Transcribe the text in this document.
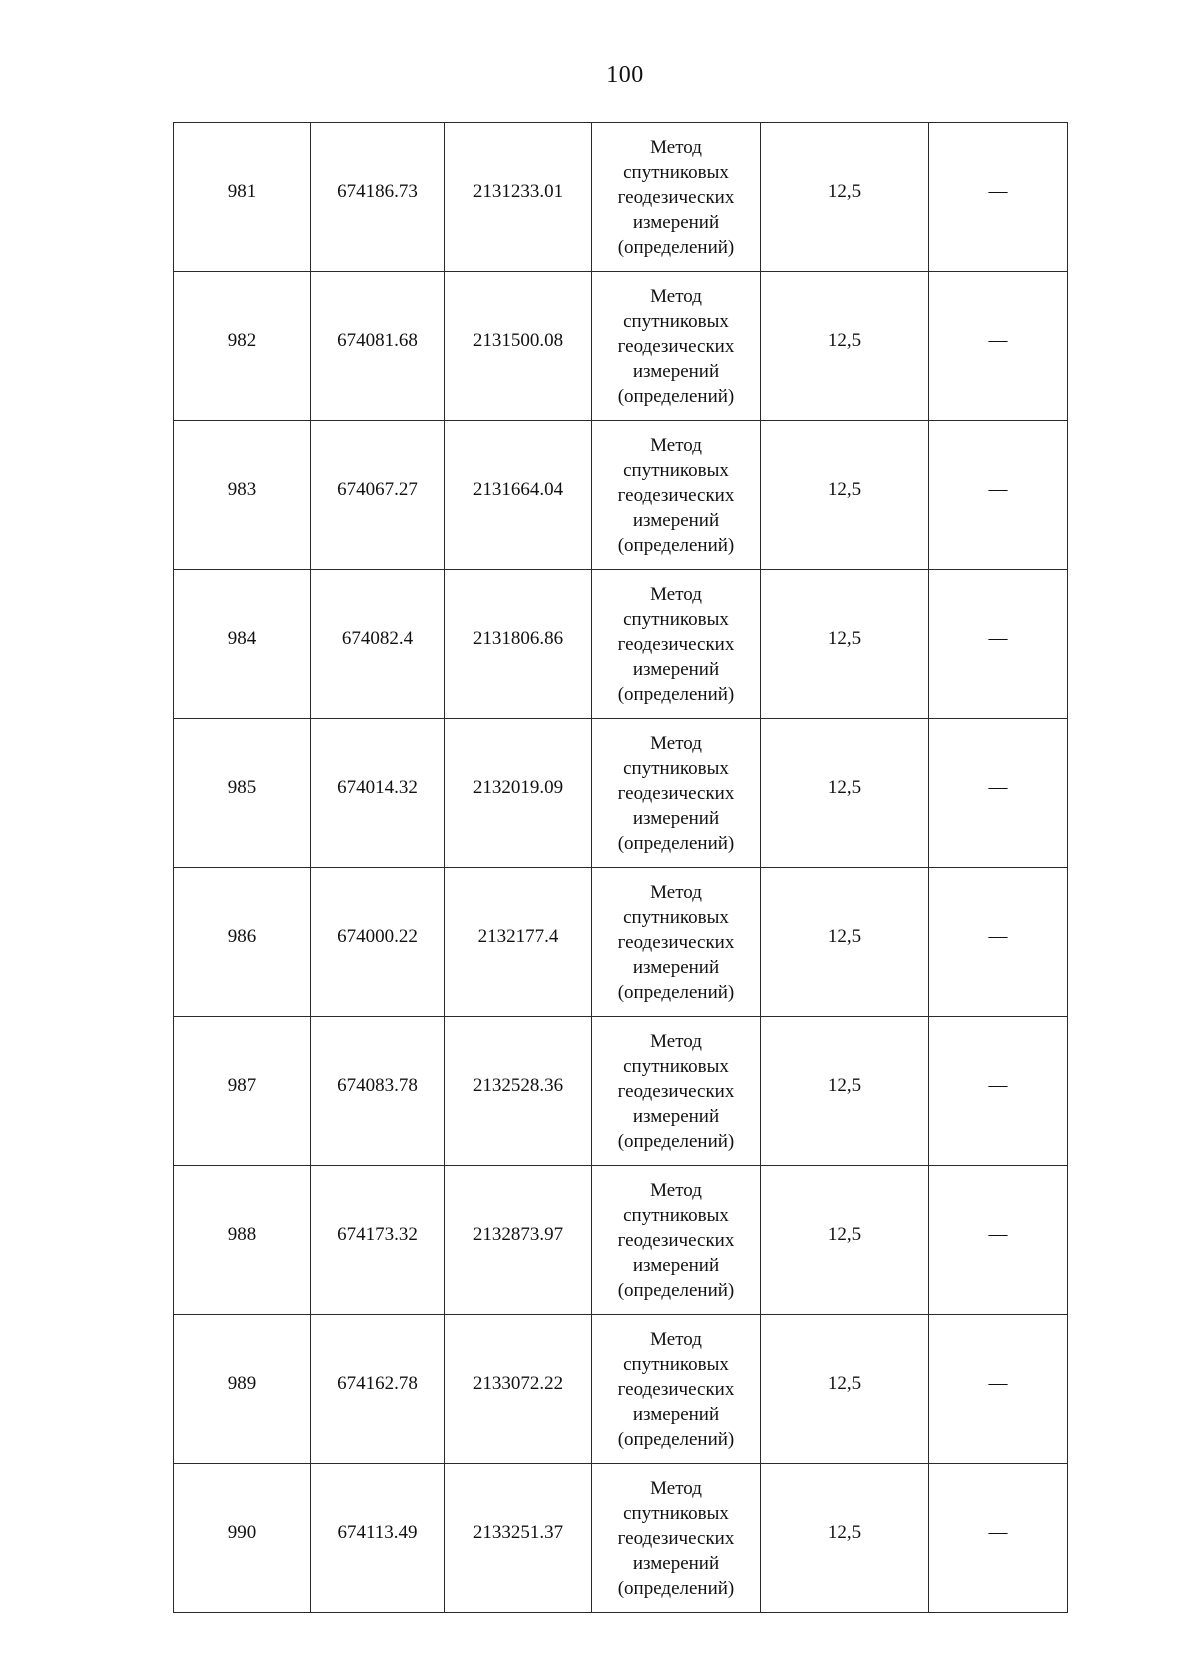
100
981	674186.73	2131233.01	Метод
спутниковых
геодезических
измерений
(определений)	12,5	—
982	674081.68	2131500.08	Метод
спутниковых
геодезических
измерений
(определений)	12,5	—
983	674067.27	2131664.04	Метод
спутниковых
геодезических
измерений
(определений)	12,5	—
984	674082.4	2131806.86	Метод
спутниковых
геодезических
измерений
(определений)	12,5	—
985	674014.32	2132019.09	Метод
спутниковых
геодезических
измерений
(определений)	12,5	—
986	674000.22	2132177.4	Метод
спутниковых
геодезических
измерений
(определений)	12,5	—
987	674083.78	2132528.36	Метод
спутниковых
геодезических
измерений
(определений)	12,5	—
988	674173.32	2132873.97	Метод
спутниковых
геодезических
измерений
(определений)	12,5	—
989	674162.78	2133072.22	Метод
спутниковых
геодезических
измерений
(определений)	12,5	—
990	674113.49	2133251.37	Метод
спутниковых
геодезических
измерений
(определений)	12,5	—
